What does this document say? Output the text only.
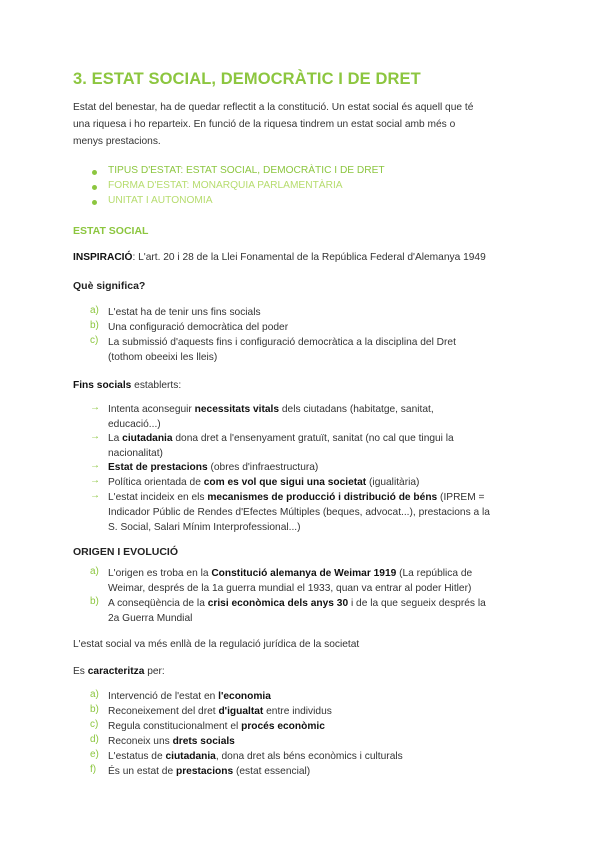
3. ESTAT SOCIAL, DEMOCRÀTIC I DE DRET
Estat del benestar, ha de quedar reflectit a la constitució. Un estat social és aquell que té
una riquesa i ho reparteix. En funció de la riquesa tindrem un estat social amb més o
menys prestacions.
TIPUS D'ESTAT: ESTAT SOCIAL, DEMOCRÀTIC I DE DRET
FORMA D'ESTAT: MONARQUIA PARLAMENTÀRIA
UNITAT I AUTONOMIA
ESTAT SOCIAL
INSPIRACIÓ: L'art. 20 i 28 de la Llei Fonamental de la República Federal d'Alemanya 1949
Què significa?
a) L'estat ha de tenir uns fins socials
b) Una configuració democràtica del poder
c) La submissió d'aquests fins i configuració democràtica a la disciplina del Dret
(tothom obeeixi les lleis)
Fins socials establerts:
→ Intenta aconseguir necessitats vitals dels ciutadans (habitatge, sanitat,
educació...)
→ La ciutadania dona dret a l'ensenyament gratuït, sanitat (no cal que tingui la
nacionalitat)
→ Estat de prestacions (obres d'infraestructura)
→ Política orientada de com es vol que sigui una societat (igualitària)
→ L'estat incideix en els mecanismes de producció i distribució de béns (IPREM =
Indicador Públic de Rendes d'Efectes Múltiples (beques, advocat...), prestacions a la
S. Social, Salari Mínim Interprofessional...)
ORIGEN I EVOLUCIÓ
a) L'origen es troba en la Constitució alemanya de Weimar 1919 (La república de
Weimar, després de la 1a guerra mundial el 1933, quan va entrar al poder Hitler)
b) A conseqüència de la crisi econòmica dels anys 30 i de la que segueix després la
2a Guerra Mundial
L'estat social va més enllà de la regulació jurídica de la societat
Es caracteritza per:
a) Intervenció de l'estat en l'economia
b) Reconeixement del dret d'igualtat entre individus
c) Regula constitucionalment el procés econòmic
d) Reconeix uns drets socials
e) L'estatus de ciutadania, dona dret als béns econòmics i culturals
f)	És un estat de prestacions (estat essencial)
